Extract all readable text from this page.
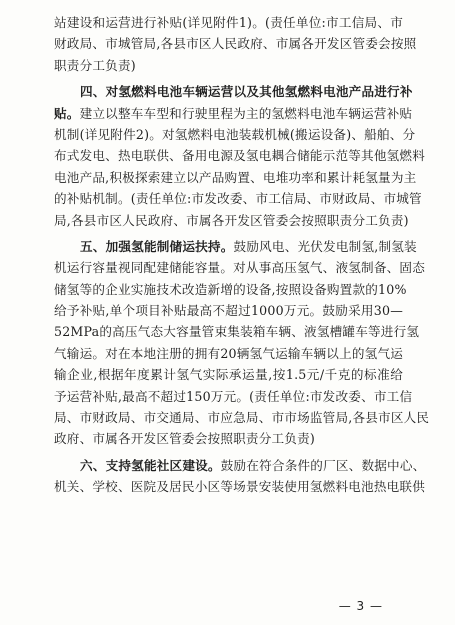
站建设和运营进行补贴(详见附件1)。(责任单位:市工信局、市
财政局、市城管局,各县市区人民政府、市属各开发区管委会按照
职责分工负责)
四、对氢燃料电池车辆运营以及其他氢燃料电池产品进行补
贴。建立以整车车型和行驶里程为主的氢燃料电池车辆运营补贴
机制(详见附件2)。对氢燃料电池装载机械(搬运设备)、船舶、分
布式发电、热电联供、备用电源及氢电耦合储能示范等其他氢燃料
电池产品,积极探索建立以产品购置、电堆功率和累计耗氢量为主
的补贴机制。(责任单位:市发改委、市工信局、市财政局、市城管
局,各县市区人民政府、市属各开发区管委会按照职责分工负责)
五、加强氢能制储运扶持。鼓励风电、光伏发电制氢,制氢装
机运行容量视同配建储能容量。对从事高压氢气、液氢制备、固态
储氢等的企业实施技术改造新增的设备,按照设备购置款的10%
给予补贴,单个项目补贴最高不超过1000万元。鼓励采用30—
52MPa的高压气态大容量管束集装箱车辆、液氢槽罐车等进行氢
气输运。对在本地注册的拥有20辆氢气运输车辆以上的氢气运
输企业,根据年度累计氢气实际承运量,按1.5元/千克的标准给
予运营补贴,最高不超过150万元。(责任单位:市发改委、市工信
局、市财政局、市交通局、市应急局、市市场监管局,各县市区人民
政府、市属各开发区管委会按照职责分工负责)
六、支持氢能社区建设。鼓励在符合条件的厂区、数据中心、
机关、学校、医院及居民小区等场景安装使用氢燃料电池热电联供
— 3 —
